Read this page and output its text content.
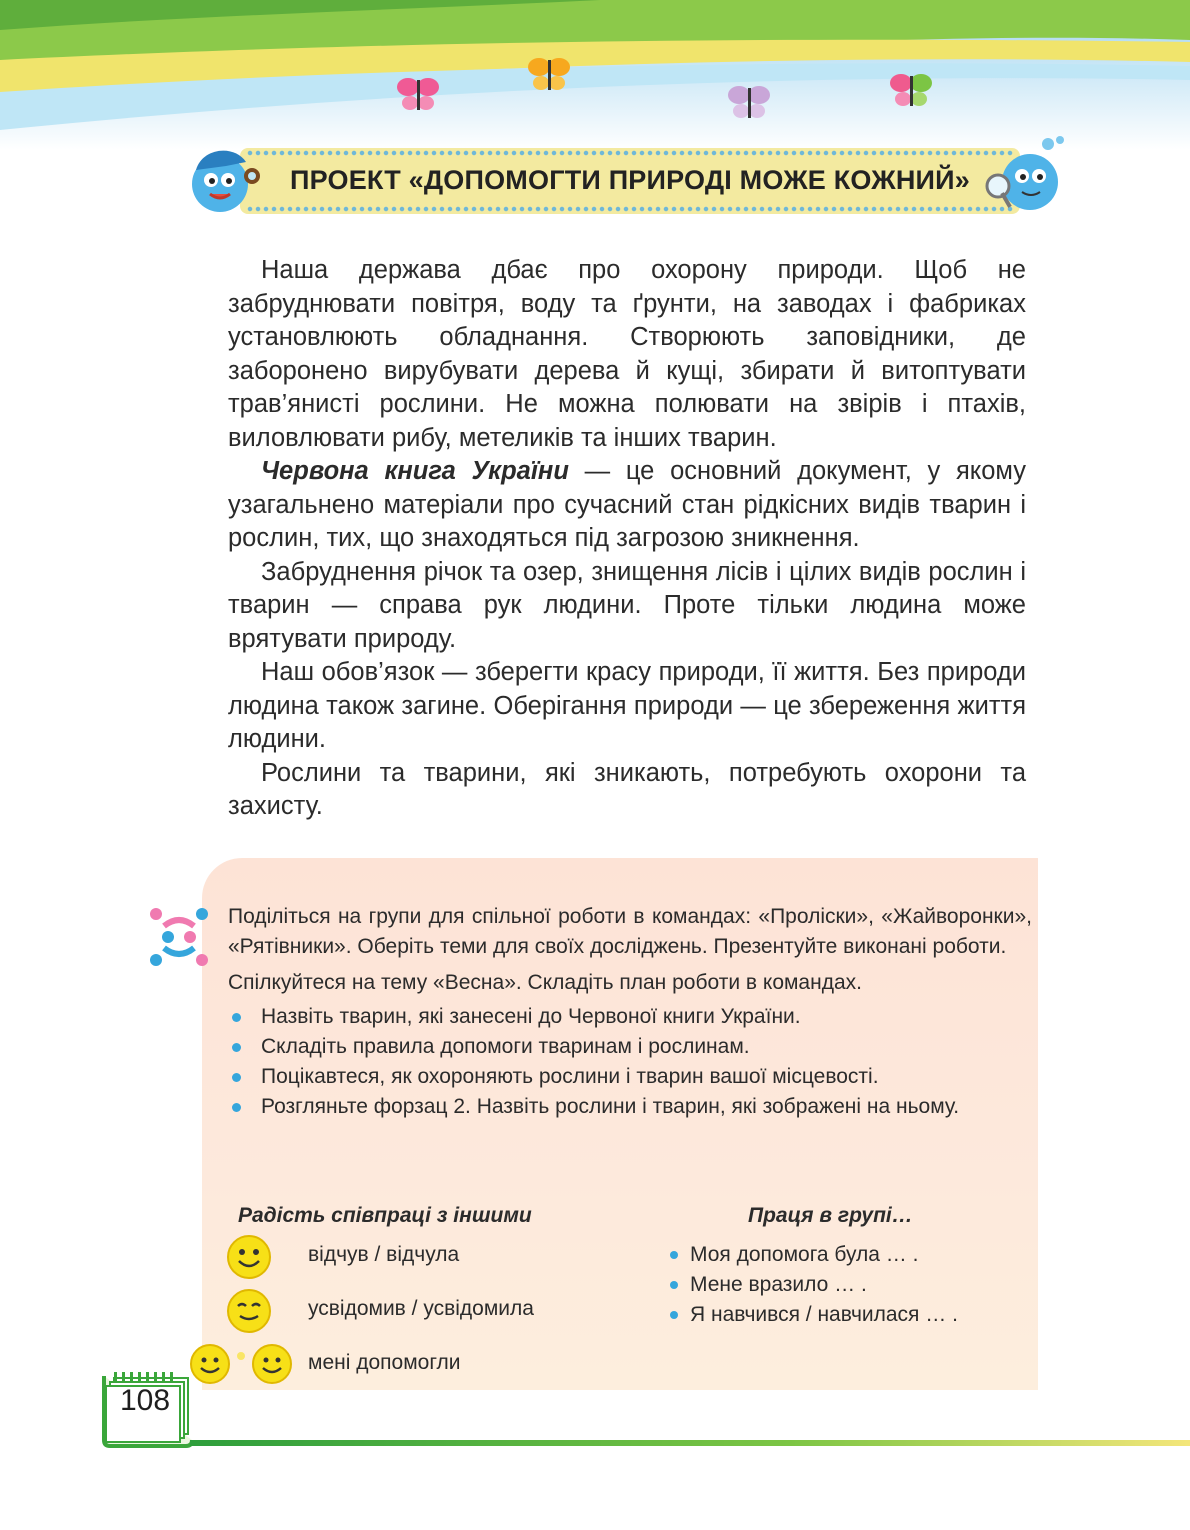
ПРОЕКТ «ДОПОМОГТИ ПРИРОДІ МОЖЕ КОЖНИЙ»

Наша держава дбає про охорону природи. Щоб не забруднювати повітря, воду та ґрунти, на заводах і фабриках установлюють обладнання. Створюють заповідники, де заборонено вирубувати дерева й кущі, збирати й витоптувати трав’янисті рослини. Не можна полювати на звірів і птахів, виловлювати рибу, метеликів та інших тварин.

Червона книга України — це основний документ, у якому узагальнено матеріали про сучасний стан рідкісних видів тварин і рослин, тих, що знаходяться під загрозою зникнення.

Забруднення річок та озер, знищення лісів і цілих видів рослин і тварин — справа рук людини. Проте тільки людина може врятувати природу.

Наш обов’язок — зберегти красу природи, її життя. Без природи людина також загине. Оберігання природи — це збереження життя людини.

Рослини та тварини, які зникають, потребують охорони та захисту.

Поділіться на групи для спільної роботи в командах: «Проліски», «Жайворонки», «Рятівники». Оберіть теми для своїх досліджень. Презентуйте виконані роботи.

Спілкуйтеся на тему «Весна». Складіть план роботи в командах.

Назвіть тварин, які занесені до Червоної книги України.
Складіть правила допомоги тваринам і рослинам.
Поцікавтеся, як охороняють рослини і тварин вашої місцевості.
Розгляньте форзац 2. Назвіть рослини і тварин, які зображені на ньому.
Радість співпраці з іншими	Праця в групі…
відчув / відчула
усвідомив / усвідомила
мені допомогли
Моя допомога була … .
Мене вразило … .
Я навчився / навчилася … .
108
